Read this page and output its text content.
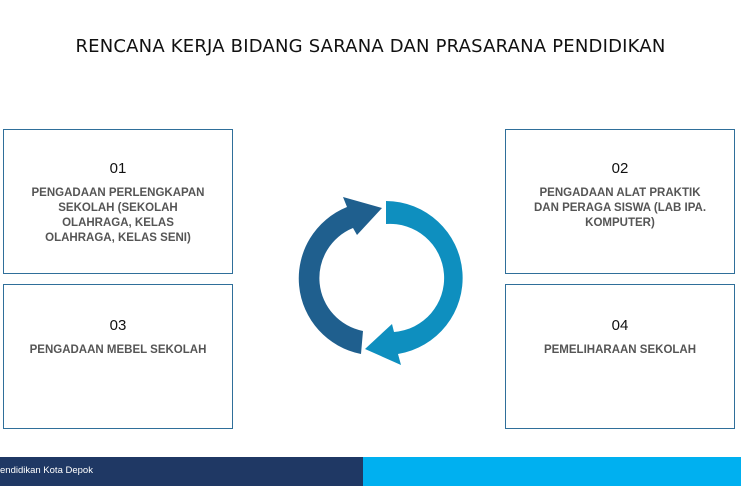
RENCANA KERJA BIDANG SARANA DAN PRASARANA PENDIDIKAN
01
PENGADAAN PERLENGKAPAN SEKOLAH (SEKOLAH OLAHRAGA, KELAS OLAHRAGA, KELAS SENI)
02
PENGADAAN ALAT PRAKTIK DAN PERAGA SISWA (LAB IPA. KOMPUTER)
03
PENGADAAN MEBEL SEKOLAH
04
PEMELIHARAAN SEKOLAH
endidikan Kota Depok
